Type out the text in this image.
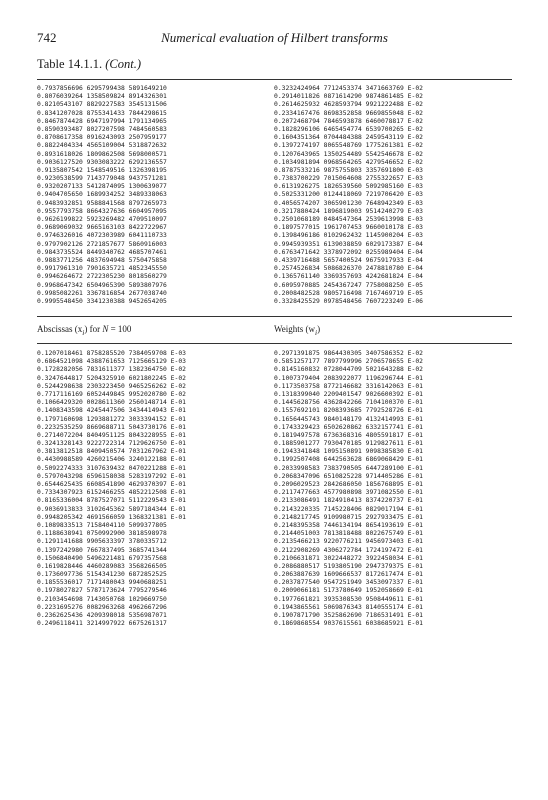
742	Numerical evaluation of Hilbert transforms
Table 14.1.1. (Cont.)
0.7937856696 6295799438 5891649210
0.8076039264 1358509824 8914326301
0.8210543107 8829227583 3545131506
0.8341207028 8755341433 7844298615
0.8467874428 6947197994 1791134965
0.8590393487 8027207598 7484560583
0.8708617358 0916243093 2507959177
0.8822404334 4565109004 5318872632
0.8931618026 1809862508 5698000571
0.9036127520 9303083222 6292136557
0.9135807542 1548549516 1326398195
0.9230538599 7143779048 9437571281
0.9320207133 5412874095 1300639077
0.9404705650 1689934252 3489338063
0.9483932851 9588841568 8797265973
0.9557793758 8664327636 6604957095
0.9626199822 5923269482 4709510097
0.9689069032 9665163103 8422722967
0.9746326016 4072303989 6041110733
0.9797902126 2721857677 5860916003
0.9843735524 8449340762 4685707461
0.9883771256 4837694948 5750475858
0.9917961310 7901635721 4852345550
0.9946264672 2722305230 8018560279
0.9968647342 6504965390 5893807976
0.9985082261 3367816854 2677038740
0.9995548450 3341230388 9452654205
0.3232424964 7712453374 3471663769 E-02
0.2914011826 0871614290 9874861485 E-02
0.2614625932 4628593794 9921222488 E-02
0.2334167476 8698352858 9669855048 E-02
0.2072468794 7846593878 6460078817 E-02
0.1828296106 6465454774 6539700265 E-02
0.1604351364 0704484388 2459543119 E-02
0.1397274197 8065548769 1775261381 E-02
0.1207643965 1350254489 5542546678 E-02
0.1034981894 0968564265 4279546652 E-02
0.8787533216 9875755803 3357691800 E-03
0.7383700229 7015064608 2755322657 E-03
0.6131926275 1826539560 5092985160 E-03
0.5025331200 0124418069 7219706420 E-03
0.4056574207 3065901230 7648942349 E-03
0.3217880424 1896819003 9514240279 E-03
0.2501068189 0484547364 2539613998 E-03
0.1897577015 1961707453 9660010178 E-03
0.1398496186 0102962432 1145900204 E-03
0.9945939351 6139038859 6029173387 E-04
0.6763471642 3378972092 0255989404 E-04
0.4339716488 5657400524 9675917933 E-04
0.2574526834 5086826370 2478810780 E-04
0.1365761140 3369357693 4242681824 E-04
0.6095970885 2454367247 7758088250 E-05
0.2008482528 9805716498 7167469719 E-05
0.3328425529 0978548456 7607223249 E-06
Abscissas $(x_i)$ for N = 100	Weights $(w_i)$
0.1207018461 8758285520 7384059708 E-03
0.6864521098 4388761653 7125665129 E-03
0.1728282056 7831611377 1382364750 E-02
0.3247644817 5204325910 6021802245 E-02
0.5244298638 2303223450 9465256262 E-02
0.7717116169 6052449845 9952020780 E-02
0.1066429320 0028611360 2560148714 E-01
0.1408343598 4245447506 3434414943 E-01
0.1797160698 1293881272 3033394152 E-01
0.2232535259 8669688711 5043730176 E-01
0.2714072204 8404951125 8043228955 E-01
0.3241328143 9222722314 7129626750 E-01
0.3813812518 8409450574 7031267962 E-01
0.4430988589 4260215406 3240122188 E-01
0.5092274333 3107639432 0470221288 E-01
0.5797043298 6596158038 5283197292 E-01
0.6544625435 6608541890 4629370397 E-01
0.7334307923 6152466255 4852212508 E-01
0.8165336004 8787527071 5112229543 E-01
0.9036913833 3102645362 5897184344 E-01
0.9948205342 4691566059 1368321381 E-01
0.1089833513 7158404110 5099377805
0.1188638941 0750992900 3818598978
0.1291141688 9905633397 3780335712
0.1397242980 7667837495 3685741344
0.1506840490 5496221481 6797357568
0.1619828446 4460289083 3568266505
0.1736097736 5154341230 6872852525
0.1855536017 7171480043 9940688251
0.1978027827 5787173624 7795279546
0.2103454698 7143050768 1029669750
0.2231695276 0082963268 4962667296
0.2362625436 4209398018 5356987071
0.2496118411 3214997922 6675261317
0.2971391875 9864430305 3407586352 E-02
0.5851257177 7897799996 2706578655 E-02
0.8145160832 0728044709 5021643288 E-02
0.1007379404 2083922077 1196296744 E-01
0.1173503758 8772146682 3316142063 E-01
0.1318399040 2209401547 9026600392 E-01
0.1445628756 4362842266 7104100370 E-01
0.1557692101 8208393685 7792528726 E-01
0.1656445743 9840148179 4132414993 E-01
0.1743329423 6502620862 6332157741 E-01
0.1819497578 6736368316 4805591817 E-01
0.1885901277 7930470185 9129827611 E-01
0.1943341848 1095150891 9098385830 E-01
0.1992507408 6442563628 6869068429 E-01
0.2033998583 7383790505 6447289100 E-01
0.2068347096 6510825228 9714405286 E-01
0.2096029523 2842686050 1856768895 E-01
0.2117477663 4577980898 3971082550 E-01
0.2133086491 1824910413 8374220737 E-01
0.2143220335 7145228406 0829017194 E-01
0.2148217745 9109980715 2927933475 E-01
0.2148395358 7446134194 8654193619 E-01
0.2144051003 7813818488 8022675749 E-01
0.2135466213 9220776211 9456973403 E-01
0.2122908269 4306272784 1724197472 E-01
0.2106631871 3022448272 3922458034 E-01
0.2086880517 5193805190 2947379375 E-01
0.2063887639 1609666537 8172617474 E-01
0.2037877540 9547251949 3453097337 E-01
0.2009066181 5173780649 1952058669 E-01
0.1977661821 3935308530 9508449611 E-01
0.1943865561 5069876343 8140555174 E-01
0.1907871790 3525862690 7186531491 E-01
0.1869868554 9037615561 6038685921 E-01
